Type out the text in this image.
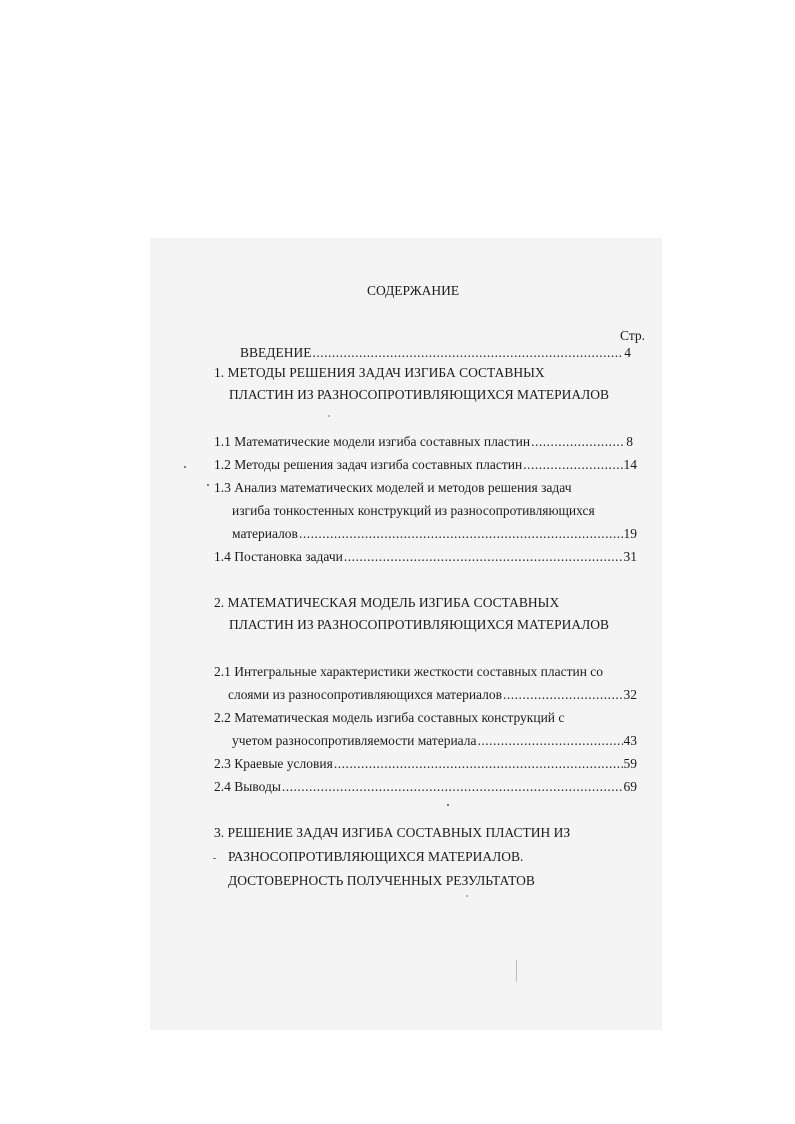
СОДЕРЖАНИЕ
Стр.
ВВЕДЕНИЕ .....	4
1. МЕТОДЫ РЕШЕНИЯ ЗАДАЧ ИЗГИБА СОСТАВНЫХ
ПЛАСТИН ИЗ РАЗНОСОПРОТИВЛЯЮЩИХСЯ МАТЕРИАЛОВ
1.1 Математические модели изгиба составных пластин .....	8
1.2 Методы решения задач изгиба составных пластин .....	14
1.3 Анализ математических моделей и методов решения задач
изгиба тонкостенных конструкций из разносопротивляющихся
материалов .....	19
1.4 Постановка задачи .....	31
2. МАТЕМАТИЧЕСКАЯ МОДЕЛЬ ИЗГИБА СОСТАВНЫХ
ПЛАСТИН ИЗ РАЗНОСОПРОТИВЛЯЮЩИХСЯ МАТЕРИАЛОВ
2.1 Интегральные характеристики жесткости составных пластин со
слоями из разносопротивляющихся материалов .....	32
2.2 Математическая модель изгиба составных конструкций с
учетом разносопротивляемости материала .....	43
2.3 Краевые условия .....	59
2.4 Выводы .....	69
3. РЕШЕНИЕ ЗАДАЧ ИЗГИБА СОСТАВНЫХ ПЛАСТИН ИЗ
РАЗНОСОПРОТИВЛЯЮЩИХСЯ МАТЕРИАЛОВ.
ДОСТОВЕРНОСТЬ ПОЛУЧЕННЫХ РЕЗУЛЬТАТОВ
